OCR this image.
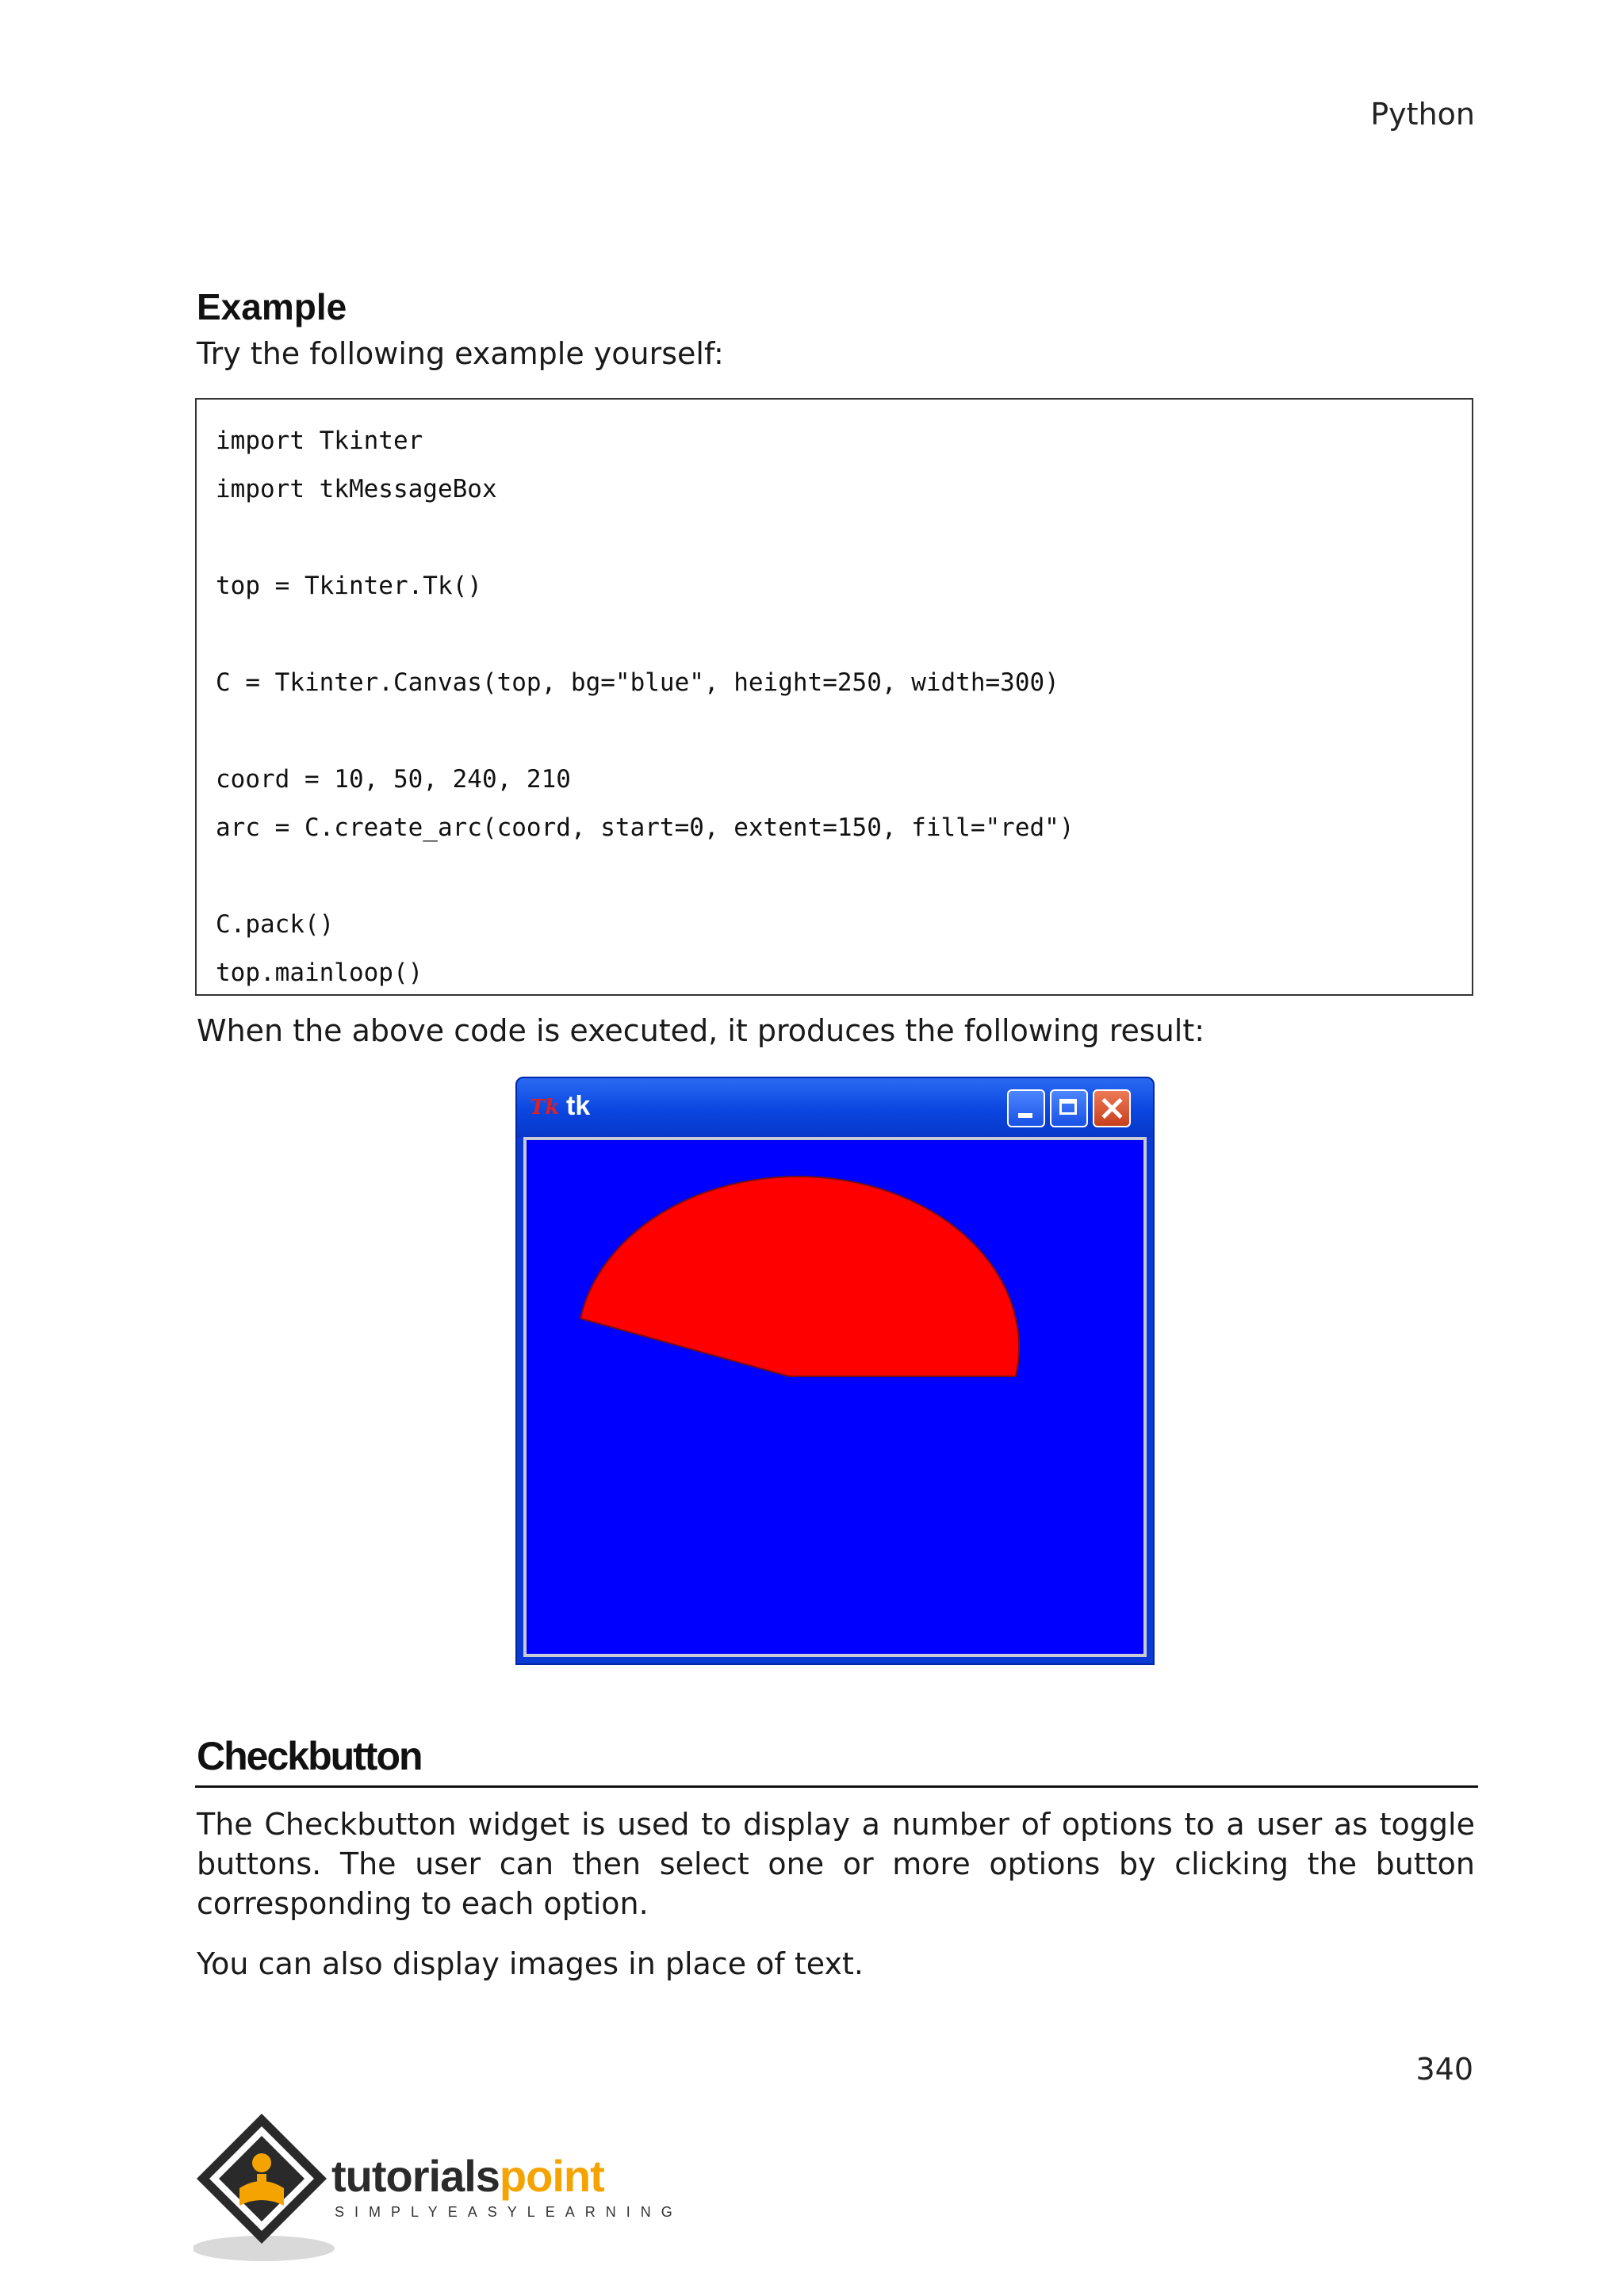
Python
Example
Try the following example yourself:
import Tkinter
import tkMessageBox
top = Tkinter.Tk()
C = Tkinter.Canvas(top, bg="blue", height=250, width=300)
coord = 10, 50, 240, 210
arc = C.create_arc(coord, start=0, extent=150, fill="red")
C.pack()
top.mainloop()
When the above code is executed, it produces the following result:
Tk tk
Checkbutton
The Checkbutton widget is used to display a number of options to a user as toggle buttons. The user can then select one or more options by clicking the button corresponding to each option.
You can also display images in place of text.
340
tutorialspoint
SIMPLYEASYLEARNING
